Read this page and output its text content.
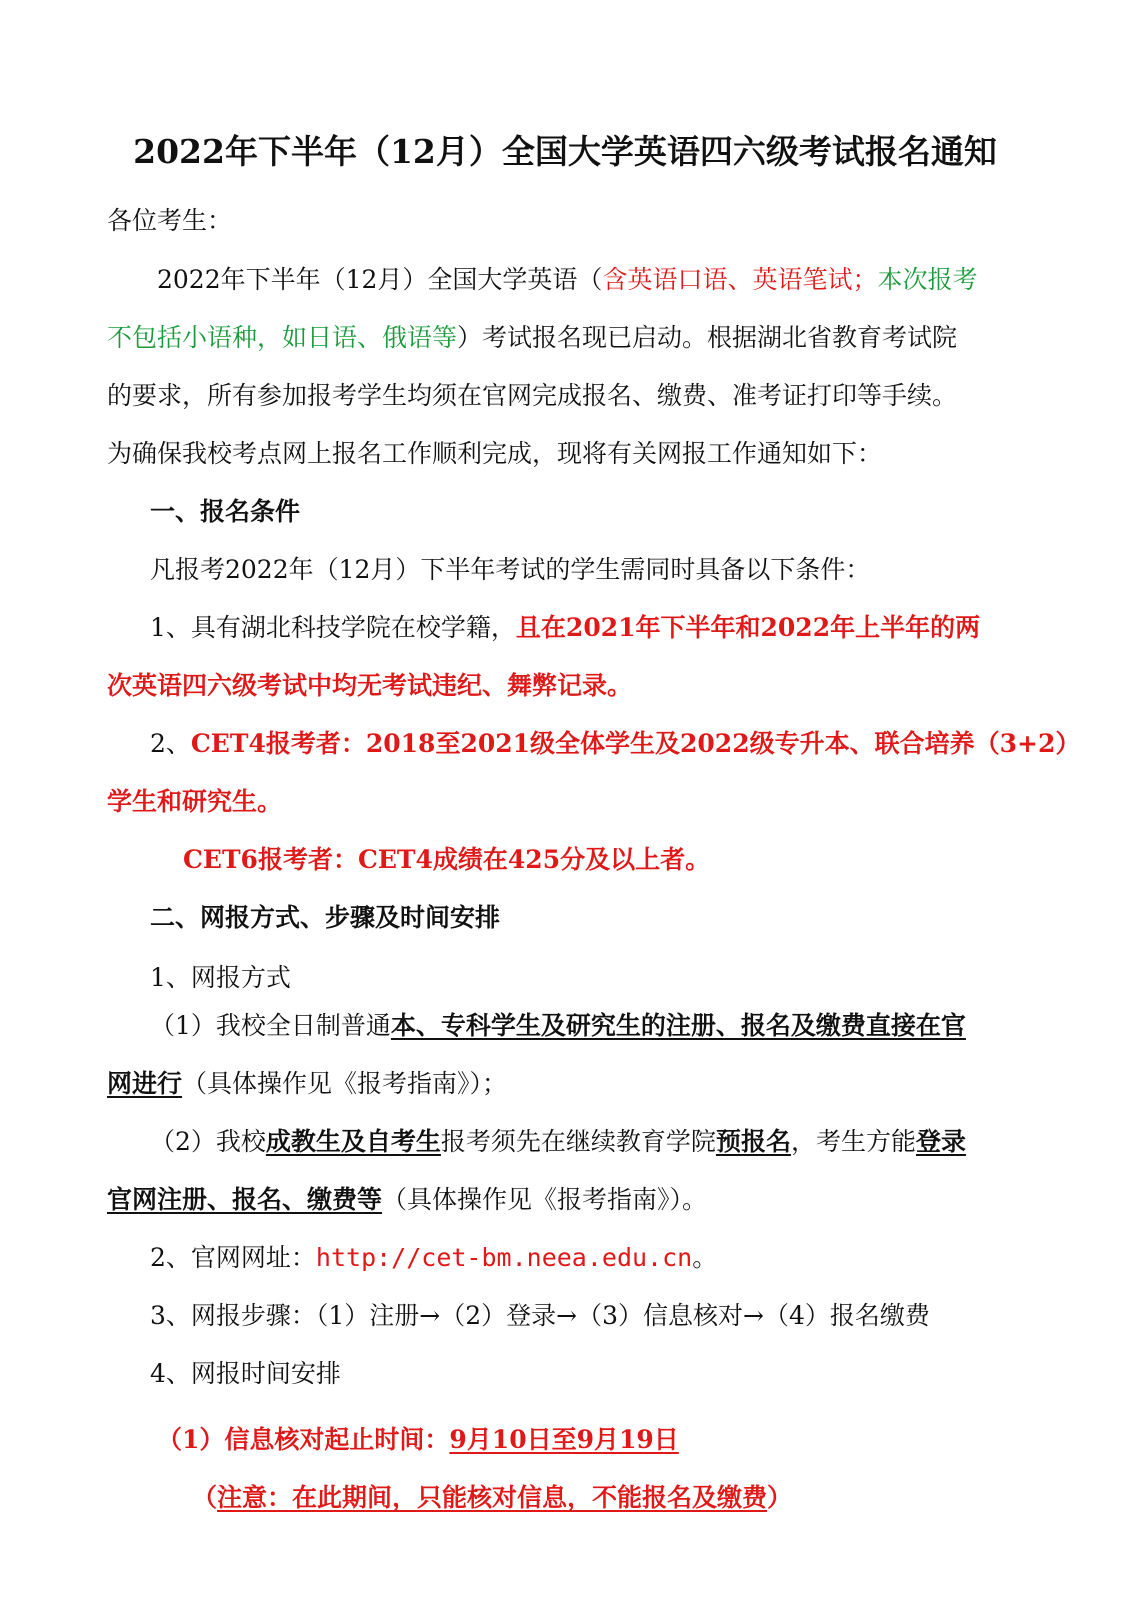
2022年下半年（12月）全国大学英语四六级考试报名通知
各位考生：
2022年下半年（12月）全国大学英语（含英语口语、英语笔试；本次报考
不包括小语种，如日语、俄语等）考试报名现已启动。根据湖北省教育考试院
的要求，所有参加报考学生均须在官网完成报名、缴费、准考证打印等手续。
为确保我校考点网上报名工作顺利完成，现将有关网报工作通知如下：
一、报名条件
凡报考2022年（12月）下半年考试的学生需同时具备以下条件：
1、具有湖北科技学院在校学籍，且在2021年下半年和2022年上半年的两
次英语四六级考试中均无考试违纪、舞弊记录。
2、CET4报考者：2018至2021级全体学生及2022级专升本、联合培养（3+2）
学生和研究生。
CET6报考者：CET4成绩在425分及以上者。
二、网报方式、步骤及时间安排
1、网报方式
（1）我校全日制普通本、专科学生及研究生的注册、报名及缴费直接在官
网进行（具体操作见《报考指南》）；
（2）我校成教生及自考生报考须先在继续教育学院预报名，考生方能登录
官网注册、报名、缴费等（具体操作见《报考指南》）。
2、官网网址：http://cet-bm.neea.edu.cn。
3、网报步骤：（1）注册→（2）登录→（3）信息核对→（4）报名缴费
4、网报时间安排
（1）信息核对起止时间：9月10日至9月19日
（注意：在此期间，只能核对信息，不能报名及缴费）
